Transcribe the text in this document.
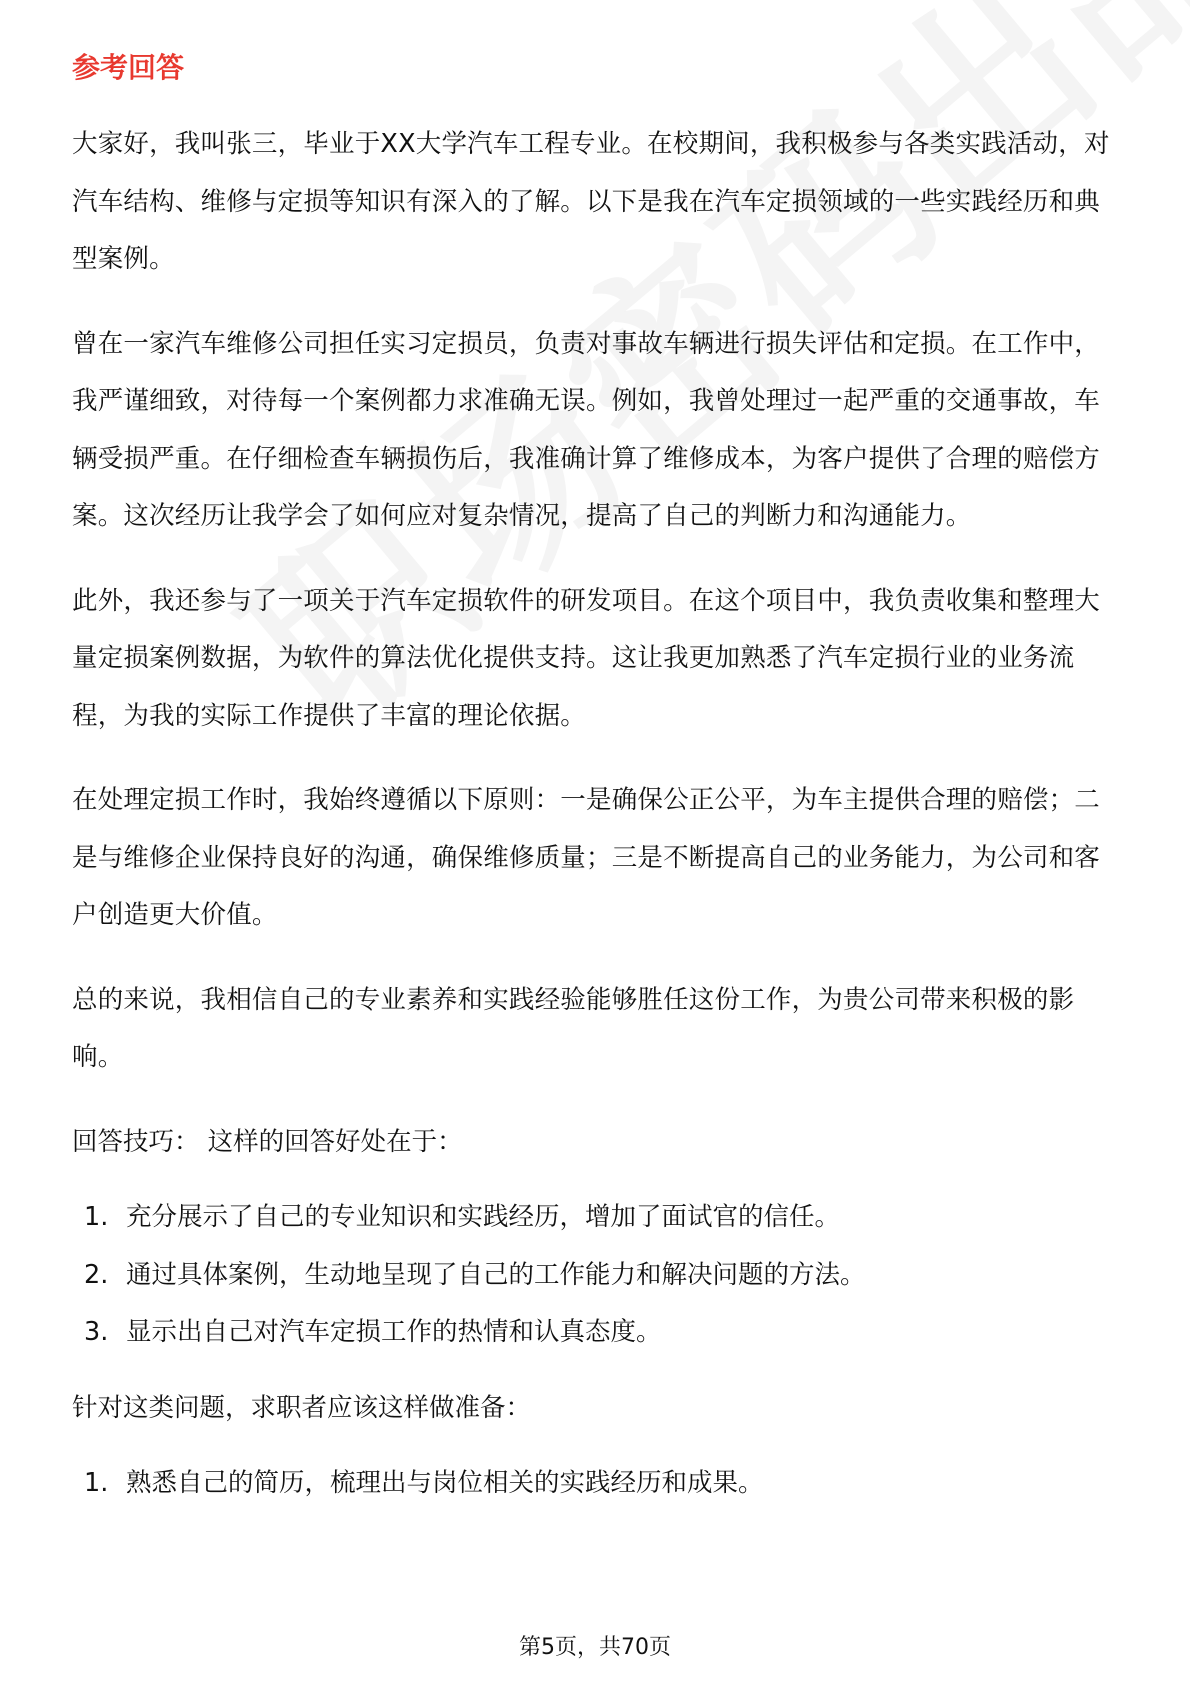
参考回答

大家好，我叫张三，毕业于XX大学汽车工程专业。在校期间，我积极参与各类实践活动，对汽车结构、维修与定损等知识有深入的了解。以下是我在汽车定损领域的一些实践经历和典型案例。

曾在一家汽车维修公司担任实习定损员，负责对事故车辆进行损失评估和定损。在工作中，我严谨细致，对待每一个案例都力求准确无误。例如，我曾处理过一起严重的交通事故，车辆受损严重。在仔细检查车辆损伤后，我准确计算了维修成本，为客户提供了合理的赔偿方案。这次经历让我学会了如何应对复杂情况，提高了自己的判断力和沟通能力。

此外，我还参与了一项关于汽车定损软件的研发项目。在这个项目中，我负责收集和整理大量定损案例数据，为软件的算法优化提供支持。这让我更加熟悉了汽车定损行业的业务流程，为我的实际工作提供了丰富的理论依据。

在处理定损工作时，我始终遵循以下原则：一是确保公正公平，为车主提供合理的赔偿；二是与维修企业保持良好的沟通，确保维修质量；三是不断提高自己的业务能力，为公司和客户创造更大价值。

总的来说，我相信自己的专业素养和实践经验能够胜任这份工作，为贵公司带来积极的影响。

回答技巧： 这样的回答好处在于：

1. 充分展示了自己的专业知识和实践经历，增加了面试官的信任。
2. 通过具体案例，生动地呈现了自己的工作能力和解决问题的方法。
3. 显示出自己对汽车定损工作的热情和认真态度。

针对这类问题，求职者应该这样做准备：

1. 熟悉自己的简历，梳理出与岗位相关的实践经历和成果。
第5页，共70页
